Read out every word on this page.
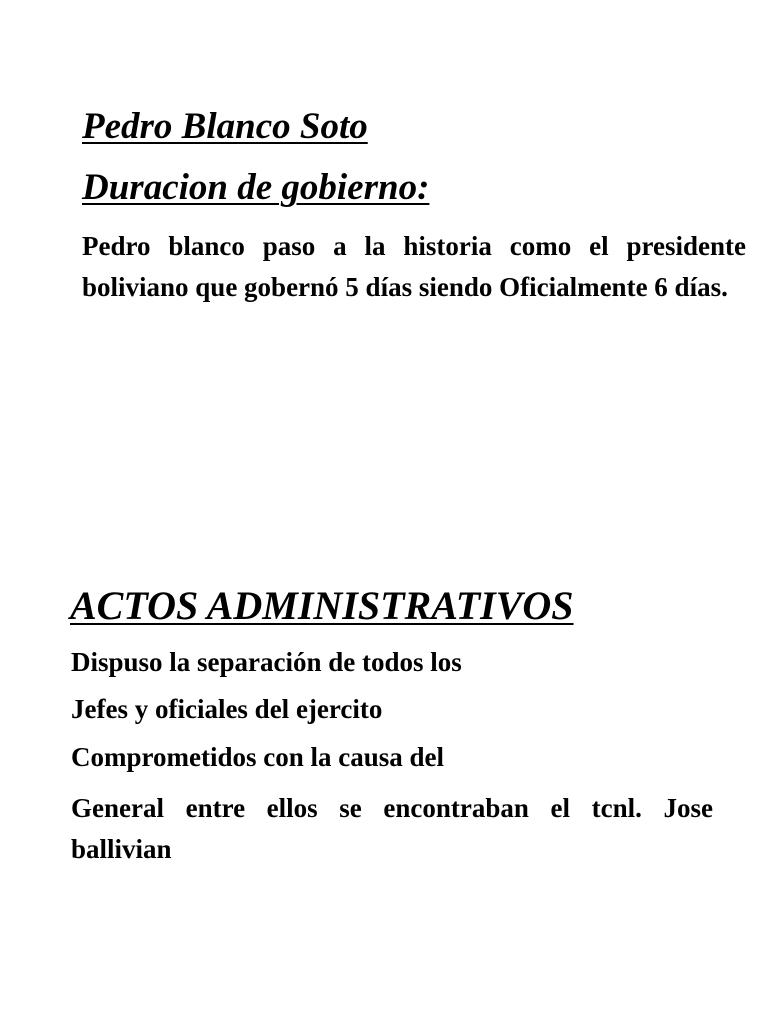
Pedro Blanco Soto
Duracion de gobierno:

Pedro blanco paso a la historia como el presidente boliviano que gobernó 5 días siendo Oficialmente 6 días.

ACTOS ADMINISTRATIVOS

Dispuso la separación de todos los

Jefes y oficiales del ejercito

Comprometidos con la causa del

General entre ellos se encontraban el tcnl. Jose ballivian
